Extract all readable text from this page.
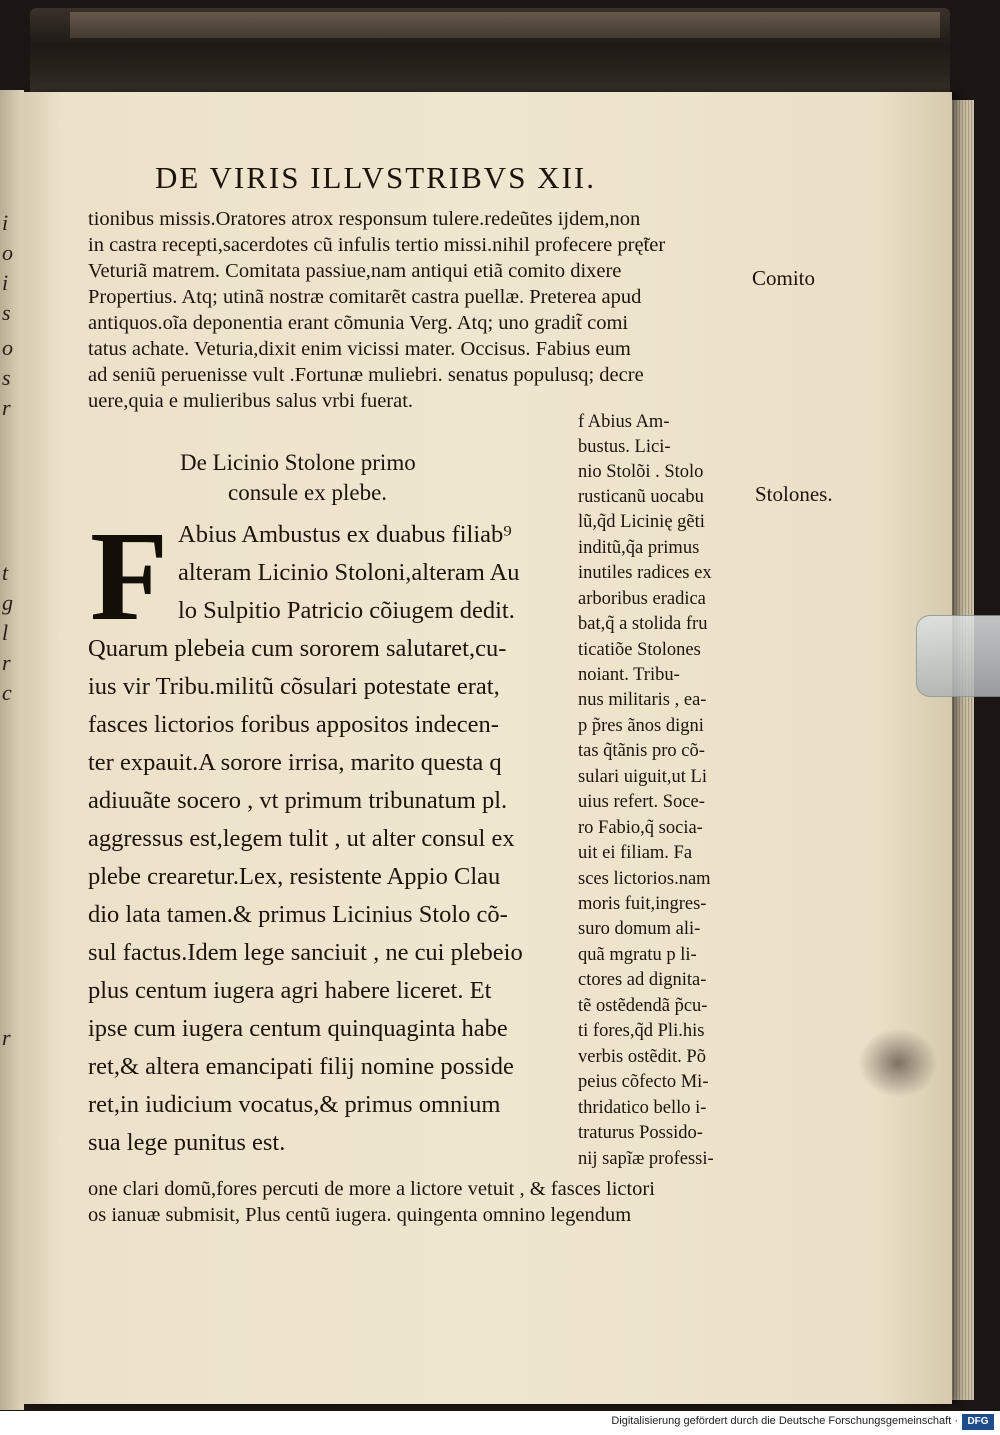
i
o
i
s
o
s
r
t
g
l
r
c
r
DE VIRIS ILLVSTRIBVS XII.
tionibus missis.Oratores atrox responsum tulere.redeũtes ijdem,non
in castra recepti,sacerdotes cũ infulis tertio missi.nihil profecere prę̃ter
Veturiã matrem. Comitata passiue,nam antiqui etiã comito dixere
Propertius. Atq; utinã nostræ comitarẽt castra puellæ. Preterea apud
antiquos.oĩa deponentia erant cõmunia Verg. Atq; uno gradit̃ comi
tatus achate. Veturia,dixit enim vicissi mater. Occisus. Fabius eum
ad seniũ peruenisse vult .Fortunæ muliebri. senatus populusq; decre
uere,quia e mulieribus salus vrbi fuerat.
Comito
Stolones.
De Licinio Stolone primo
consule ex plebe.
F Abius Ambustus ex duabus filiab⁹
alteram Licinio Stoloni,alteram Au
lo Sulpitio Patricio cõiugem dedit.
Quarum plebeia cum sororem salutaret,cu-
ius vir Tribu.militũ cõsulari potestate erat,
fasces lictorios foribus appositos indecen-
ter expauit.A sorore irrisa, marito questa q
adiuuãte socero , vt primum tribunatum pl.
aggressus est,legem tulit , ut alter consul ex
plebe crearetur.Lex, resistente Appio Clau
dio lata tamen.& primus Licinius Stolo cõ-
sul factus.Idem lege sanciuit , ne cui plebeio
plus centum iugera agri habere liceret. Et
ipse cum iugera centum quinquaginta habe
ret,& altera emancipati filij nomine posside
ret,in iudicium vocatus,& primus omnium
sua lege punitus est.
f Abius Am-
bustus. Lici-
nio Stolõi . Stolo
rusticanũ uocabu
lũ,q̃d Licinię gẽti
inditũ,q̃a primus
inutiles radices ex
arboribus eradica
bat,q̃ a stolida fru
ticatiõe Stolones
noiant. Tribu-
nus militaris , ea-
p p̃res ãnos digni
tas q̃tãnis pro cõ-
sulari uiguit,ut Li
uius refert. Soce-
ro Fabio,q̃ socia-
uit ei filiam. Fa
sces lictorios.nam
moris fuit,ingres-
suro domum ali-
quã mgratu p li-
ctores ad dignita-
tẽ ostẽdendã p̃cu-
ti fores,q̃d Pli.his
verbis ostẽdit. Põ
peius cõfecto Mi-
thridatico bello i-
traturus Possido-
nij sapĩæ professi-
one clari domũ,fores percuti de more a lictore vetuit , & fasces lictori
os ianuæ submisit, Plus centũ iugera. quingenta omnino legendum
Digitalisierung gefördert durch die Deutsche Forschungsgemeinschaft · DFG
